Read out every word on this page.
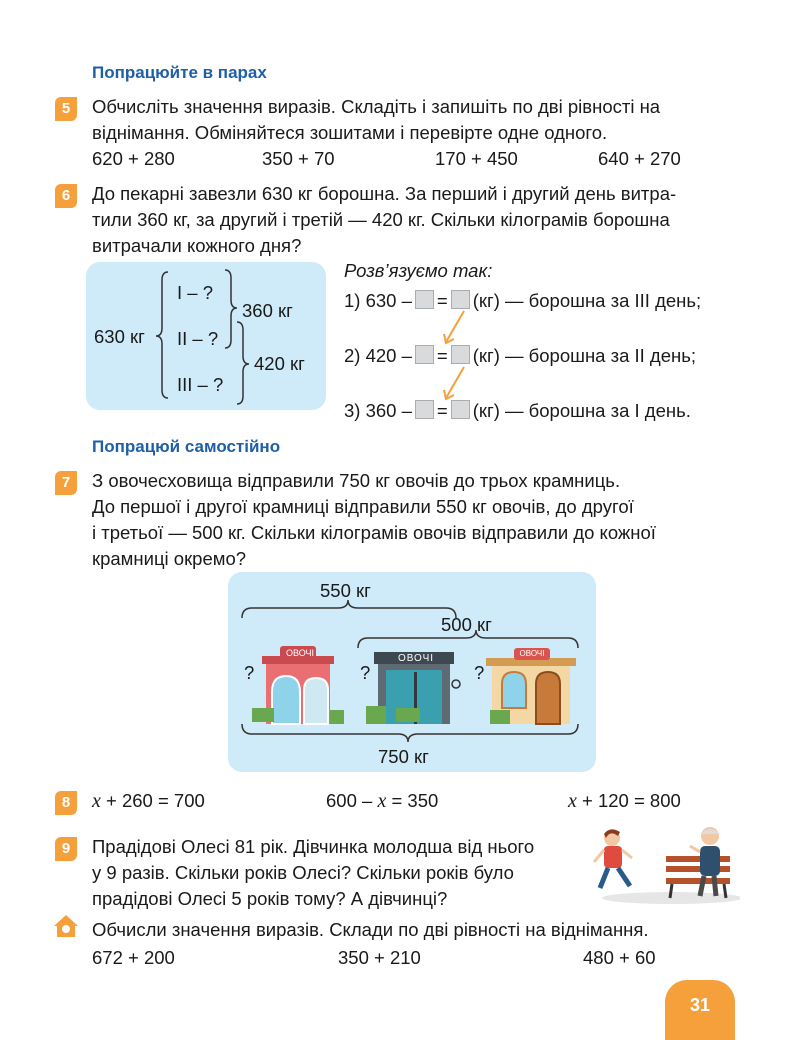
Попрацюйте в парах
5	Обчисліть значення виразів. Складіть і запишіть по дві рівності на
віднімання. Обміняйтеся зошитами і перевірте одне одного.
620 + 280	350 + 70	170 + 450	640 + 270
6	До пекарні завезли 630 кг борошна. За перший і другий день витра-
тили 360 кг, за другий і третій — 420 кг. Скільки кілограмів борошна
витрачали кожного дня?
630 кг
I – ?
II – ?
III – ?
360 кг
420 кг
Розв’язуємо так:
1) 630 – = (кг) — борошна за III день;
2) 420 – = (кг) — борошна за II день;
3) 360 – = (кг) — борошна за I день.
Попрацюй самостійно
7	З овочесховища відправили 750 кг овочів до трьох крамниць.
До першої і другої крамниці відправили 550 кг овочів, до другої
і третьої — 500 кг. Скільки кілограмів овочів відправили до кожної
крамниці окремо?
550 кг
500 кг
750 кг
?	?	?
ОВОЧІ	ОВОЧІ	ОВОЧІ
8	x + 260 = 700	600 – x = 350	x + 120 = 800
9	Прадідові Олесі 81 рік. Дівчинка молодша від нього
у 9 разів. Скільки років Олесі? Скільки років було
прадідові Олесі 5 років тому? А дівчинці?
Обчисли значення виразів. Склади по дві рівності на віднімання.
672 + 200	350 + 210	480 + 60
31
